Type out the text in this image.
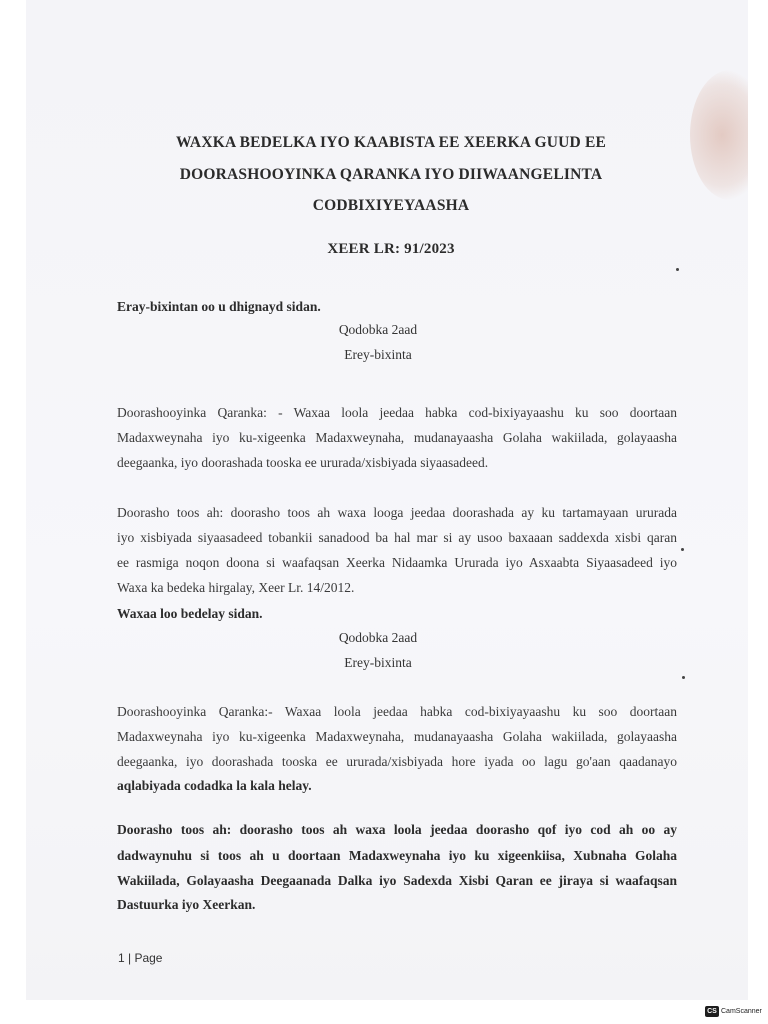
WAXKA BEDELKA IYO KAABISTA EE XEERKA GUUD EE
DOORASHOOYINKA QARANKA IYO DIIWAANGELINTA
CODBIXIYEYAASHA
XEER LR: 91/2023
Eray-bixintan oo u dhignayd sidan.
Qodobka 2aad
Erey-bixinta
Doorashooyinka Qaranka: - Waxaa loola jeedaa habka cod-bixiyayaashu ku soo doortaan
Madaxweynaha iyo ku-xigeenka Madaxweynaha, mudanayaasha Golaha wakiilada, golayaasha
deegaanka, iyo doorashada tooska ee ururada/xisbiyada siyaasadeed.
Doorasho toos ah: doorasho toos ah waxa looga jeedaa doorashada ay ku tartamayaan ururada
iyo xisbiyada siyaasadeed tobankii sanadood ba hal mar si ay usoo baxaaan saddexda xisbi qaran
ee rasmiga noqon doona si waafaqsan Xeerka Nidaamka Ururada iyo Asxaabta Siyaasadeed iyo
Waxa ka bedeka hirgalay, Xeer Lr. 14/2012.
Waxaa loo bedelay sidan.
Qodobka 2aad
Erey-bixinta
Doorashooyinka Qaranka:- Waxaa loola jeedaa habka cod-bixiyayaashu ku soo doortaan
Madaxweynaha iyo ku-xigeenka Madaxweynaha, mudanayaasha Golaha wakiilada, golayaasha
deegaanka, iyo doorashada tooska ee ururada/xisbiyada hore iyada oo lagu go'aan qaadanayo
aqlabiyada codadka la kala helay.
Doorasho toos ah: doorasho toos ah waxa loola jeedaa doorasho qof iyo cod ah oo ay
dadwaynuhu si toos ah u doortaan Madaxweynaha iyo ku xigeenkiisa, Xubnaha Golaha
Wakiilada, Golayaasha Deegaanada Dalka iyo Sadexda Xisbi Qaran ee jiraya si waafaqsan
Dastuurka iyo Xeerkan.
1 | Page
CS CamScanner
